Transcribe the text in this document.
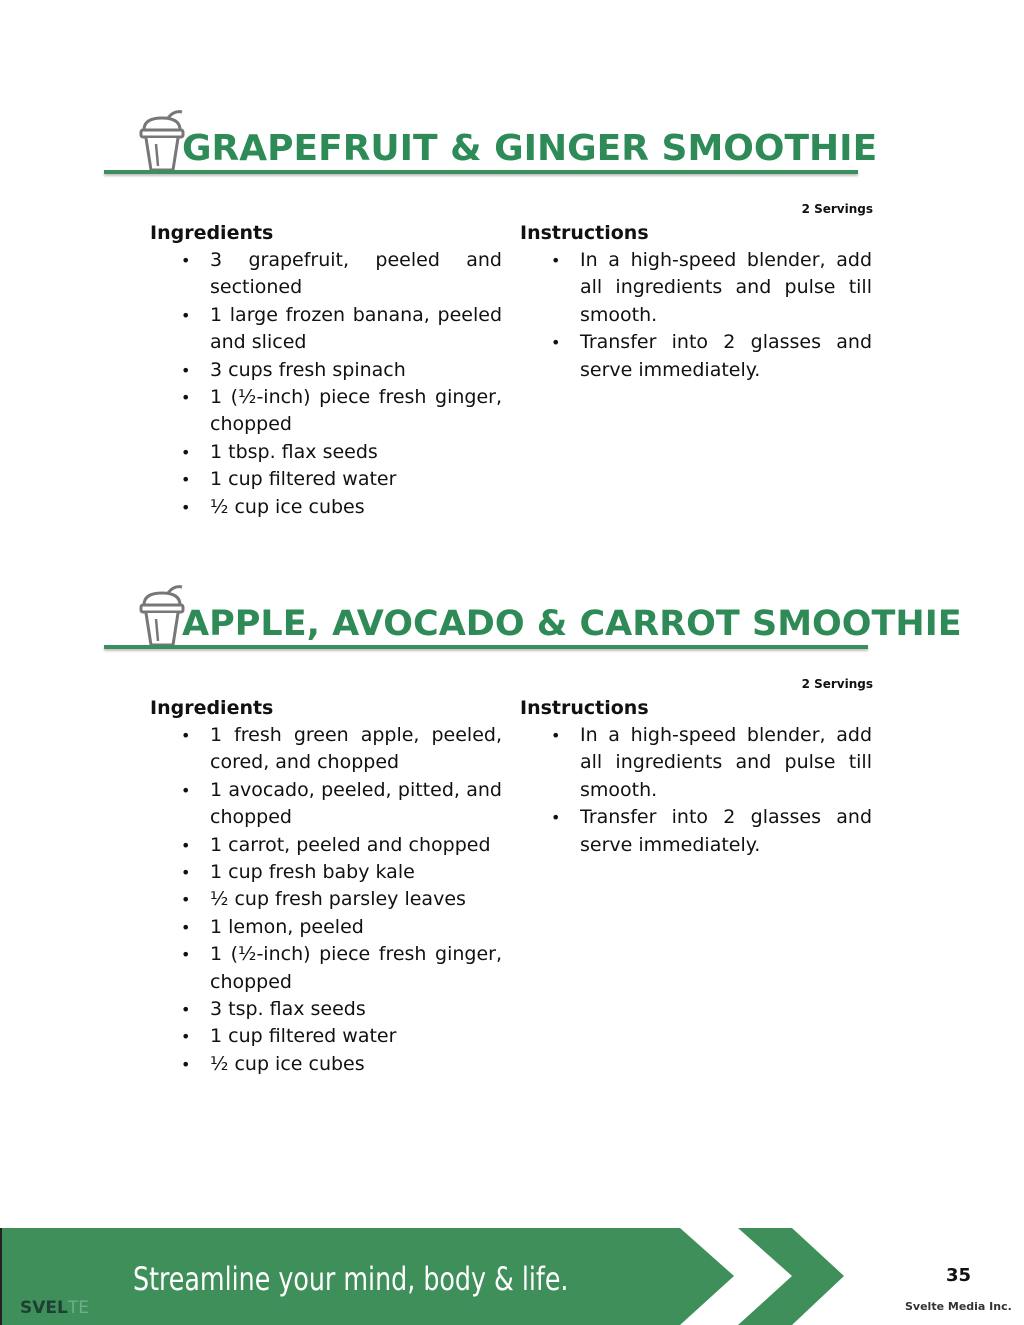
GRAPEFRUIT & GINGER SMOOTHIE
2 Servings
Ingredients
• 3 grapefruit, peeled and sectioned
• 1 large frozen banana, peeled and sliced
• 3 cups fresh spinach
• 1 (½-inch) piece fresh ginger, chopped
• 1 tbsp. flax seeds
• 1 cup filtered water
• ½ cup ice cubes
Instructions
• In a high-speed blender, add all ingredients and pulse till smooth.
• Transfer into 2 glasses and serve immediately.
APPLE, AVOCADO & CARROT SMOOTHIE
2 Servings
Ingredients
• 1 fresh green apple, peeled, cored, and chopped
• 1 avocado, peeled, pitted, and chopped
• 1 carrot, peeled and chopped
• 1 cup fresh baby kale
• ½ cup fresh parsley leaves
• 1 lemon, peeled
• 1 (½-inch) piece fresh ginger, chopped
• 3 tsp. flax seeds
• 1 cup filtered water
• ½ cup ice cubes
Instructions
• In a high-speed blender, add all ingredients and pulse till smooth.
• Transfer into 2 glasses and serve immediately.
Streamline your mind, body & life.	35
Svelte Media Inc.
SVELTE
